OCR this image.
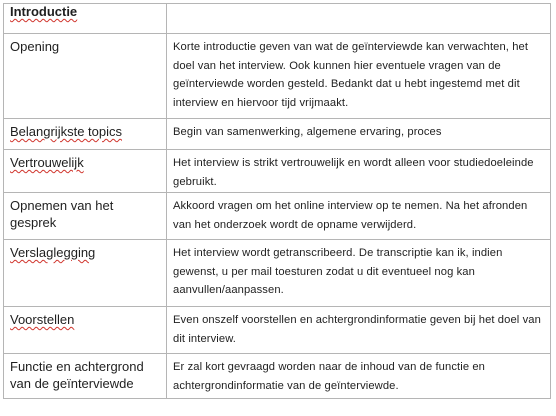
Introductie	
Opening	Korte introductie geven van wat de geïnterviewde kan verwachten, het doel van het interview. Ook kunnen hier eventuele vragen van de geïnterviewde worden gesteld. Bedankt dat u hebt ingestemd met dit interview en hiervoor tijd vrijmaakt.
Belangrijkste topics	Begin van samenwerking, algemene ervaring, proces
Vertrouwelijk	Het interview is strikt vertrouwelijk en wordt alleen voor studiedoeleinde gebruikt.
Opnemen van het gesprek	Akkoord vragen om het online interview op te nemen. Na het afronden van het onderzoek wordt de opname verwijderd.
Verslaglegging	Het interview wordt getranscribeerd. De transcriptie kan ik, indien gewenst, u per mail toesturen zodat u dit eventueel nog kan aanvullen/aanpassen.
Voorstellen	Even onszelf voorstellen en achtergrondinformatie geven bij het doel van dit interview.
Functie en achtergrond van de geïnterviewde	Er zal kort gevraagd worden naar de inhoud van de functie en achtergrondinformatie van de geïnterviewde.
